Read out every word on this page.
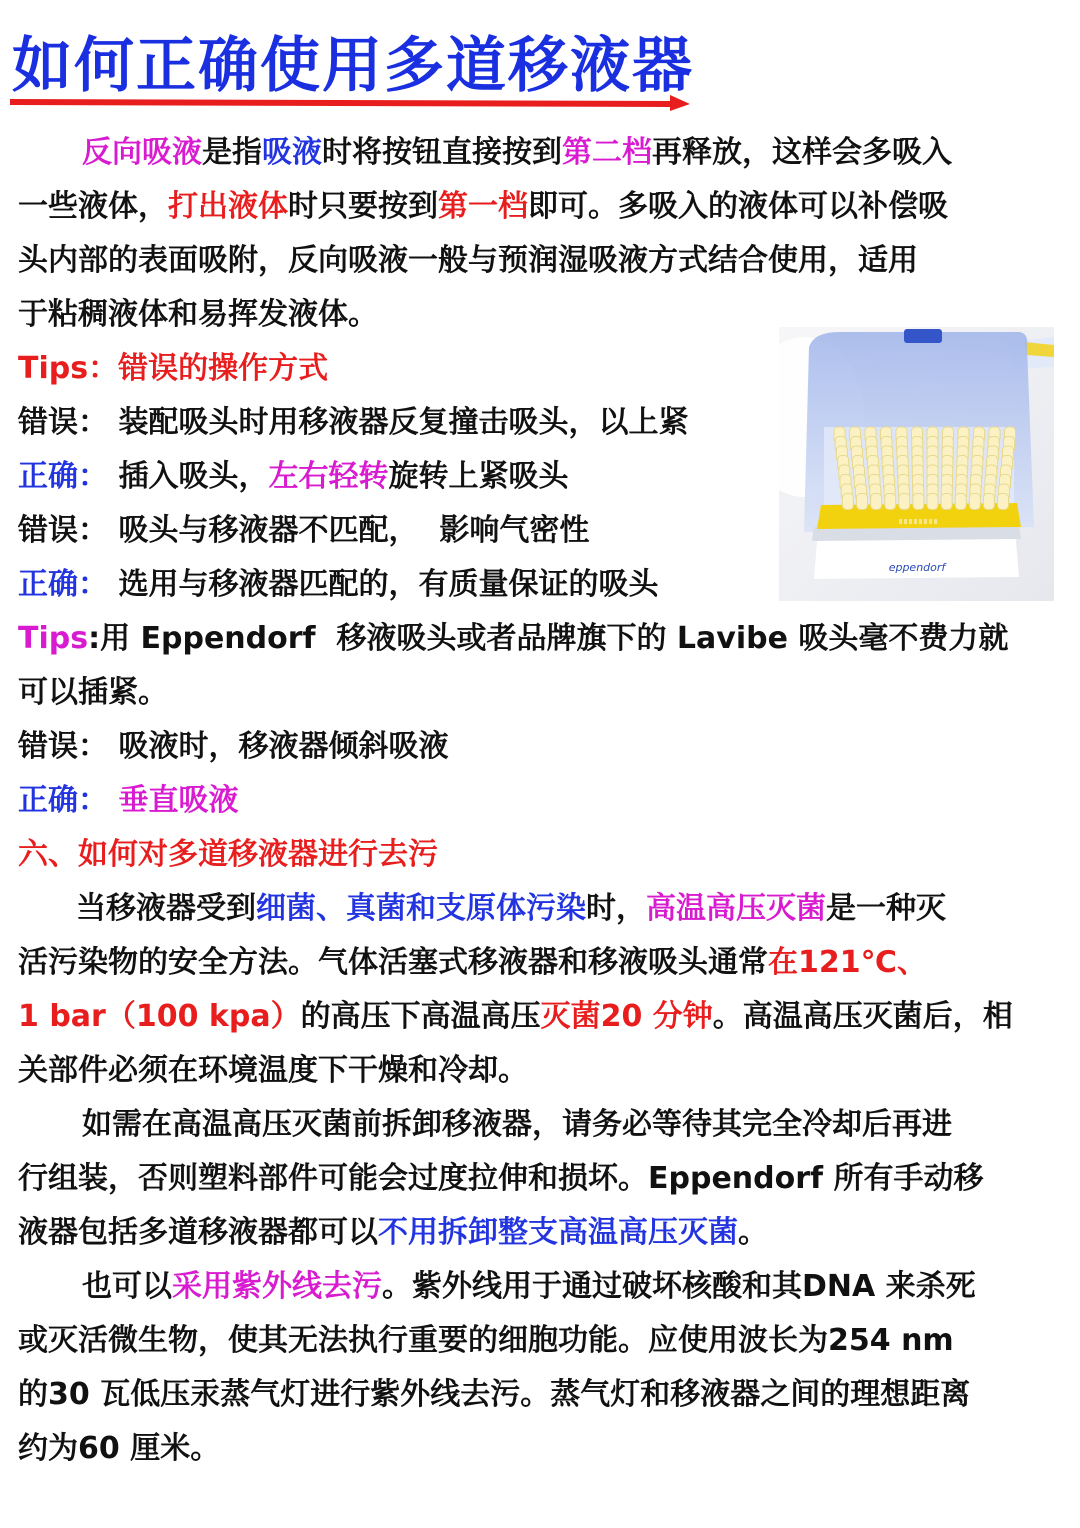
如何正确使用多道移液器
反向吸液是指吸液时将按钮直接按到第二档再释放，这样会多吸入
一些液体，打出液体时只要按到第一档即可。多吸入的液体可以补偿吸
头内部的表面吸附，反向吸液一般与预润湿吸液方式结合使用，适用
于粘稠液体和易挥发液体。
Tips：错误的操作方式
错误： 装配吸头时用移液器反复撞击吸头，以上紧
正确： 插入吸头，左右轻转旋转上紧吸头
错误： 吸头与移液器不匹配，  影响气密性
正确： 选用与移液器匹配的，有质量保证的吸头
Tips:用 Eppendorf  移液吸头或者品牌旗下的 Lavibe 吸头毫不费力就
可以插紧。
错误： 吸液时，移液器倾斜吸液
正确： 垂直吸液
六、如何对多道移液器进行去污
当移液器受到细菌、真菌和支原体污染时，高温高压灭菌是一种灭
活污染物的安全方法。气体活塞式移液器和移液吸头通常在121℃、
1 bar（100 kpa）的高压下高温高压灭菌20 分钟。高温高压灭菌后，相
关部件必须在环境温度下干燥和冷却。
如需在高温高压灭菌前拆卸移液器，请务必等待其完全冷却后再进
行组装，否则塑料部件可能会过度拉伸和损坏。Eppendorf 所有手动移
液器包括多道移液器都可以不用拆卸整支高温高压灭菌。
也可以采用紫外线去污。紫外线用于通过破坏核酸和其DNA 来杀死
或灭活微生物，使其无法执行重要的细胞功能。应使用波长为254 nm
的30 瓦低压汞蒸气灯进行紫外线去污。蒸气灯和移液器之间的理想距离
约为60 厘米。
eppendorf
